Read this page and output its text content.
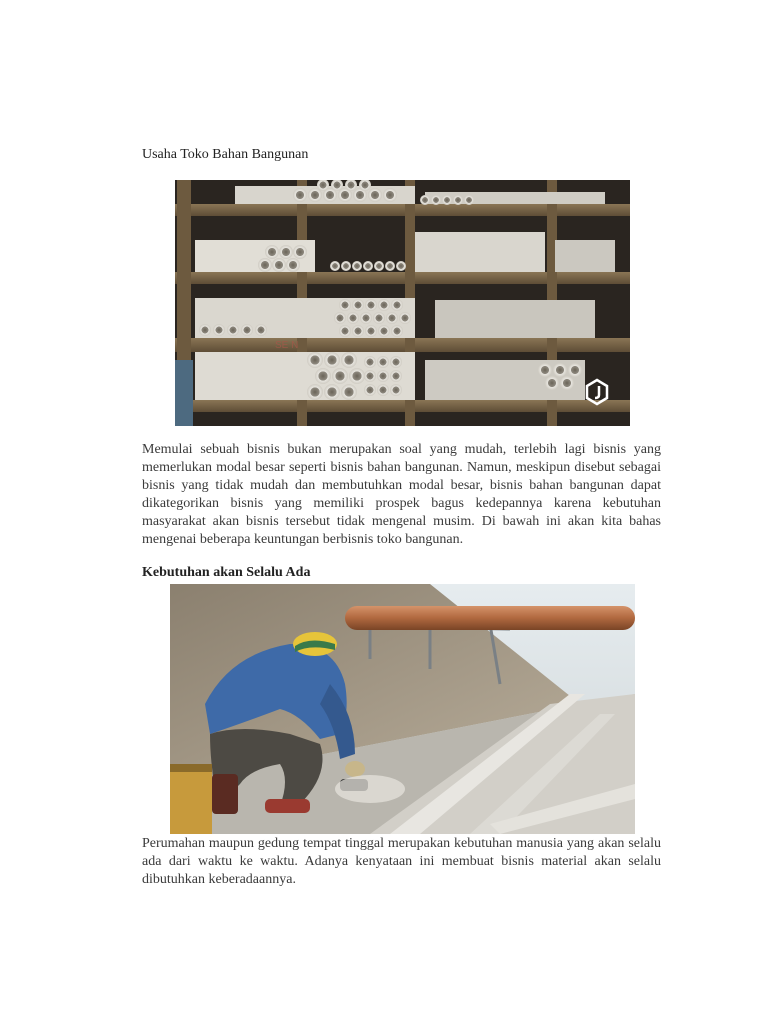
Usaha Toko Bahan Bangunan
SE N
Memulai sebuah bisnis bukan merupakan soal yang mudah, terlebih lagi bisnis yang memerlukan modal besar seperti bisnis bahan bangunan. Namun, meskipun disebut sebagai bisnis yang tidak mudah dan membutuhkan modal besar, bisnis bahan bangunan dapat dikategorikan bisnis yang memiliki prospek bagus kedepannya karena kebutuhan masyarakat akan bisnis tersebut tidak mengenal musim. Di bawah ini akan kita bahas mengenai beberapa keuntungan berbisnis toko bangunan.
Kebutuhan akan Selalu Ada
Perumahan maupun gedung tempat tinggal merupakan kebutuhan manusia yang akan selalu ada dari waktu ke waktu. Adanya kenyataan ini membuat bisnis material akan selalu dibutuhkan keberadaannya.
